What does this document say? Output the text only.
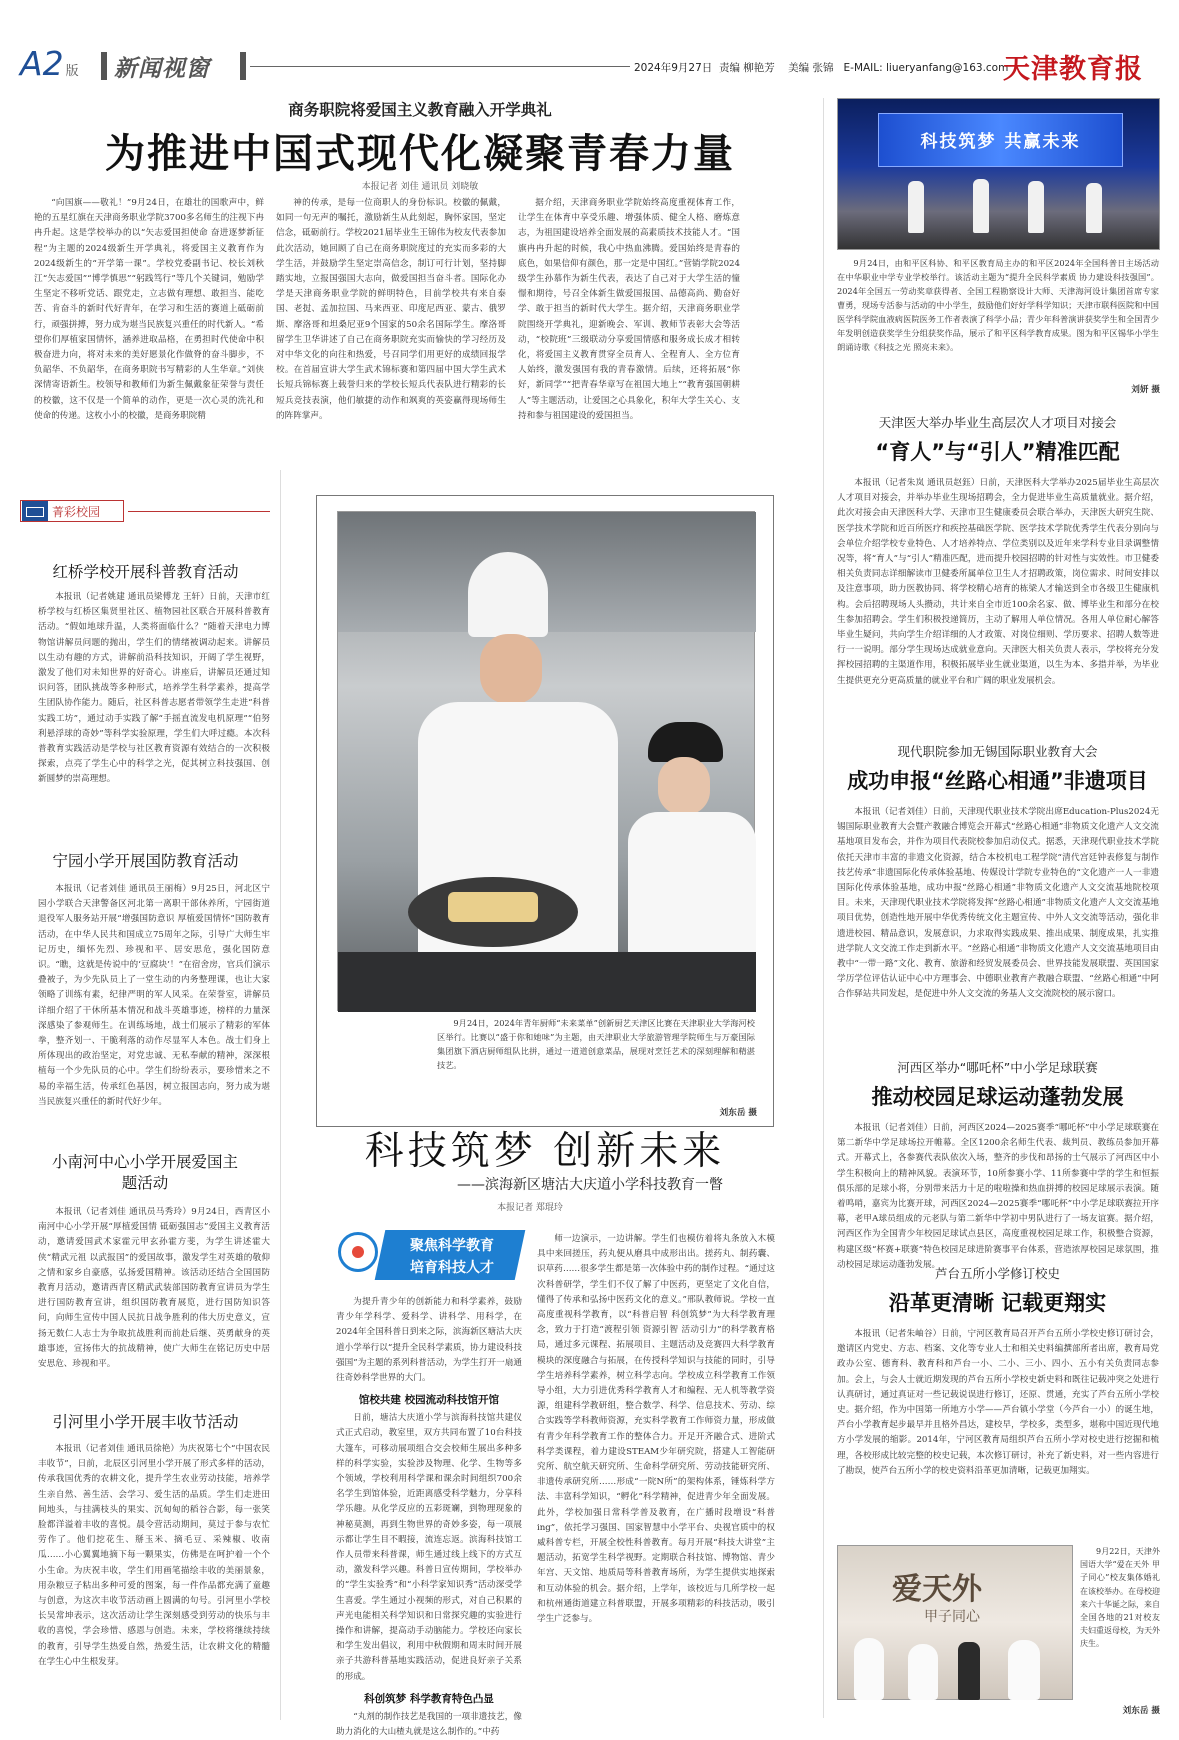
A2 版 新闻视窗	2024年9月27日 责编 柳艳芳 美编 张锦 E-MAIL: liueryanfang@163.com
天津教育报
商务职院将爱国主义教育融入开学典礼
为推进中国式现代化凝聚青春力量
本报记者 刘佳 通讯员 刘晓敏

“向国旗——敬礼！”9月24日，在雄壮的国歌声中，鲜艳的五星红旗在天津商务职业学院3700多名师生的注视下冉冉升起。这是学校举办的以“矢志爱国担使命 奋进逐梦新征程”为主题的2024级新生开学典礼，将爱国主义教育作为2024级新生的“开学第一课”。学校党委副书记、校长刘秋江“矢志爱国”“博学慎思”“躬践笃行”等几个关键词，勉励学生坚定不移听党话、跟党走，立志做有理想、敢担当、能吃苦、肯奋斗的新时代好青年，在学习和生活的赛道上砥砺前行，顽强拼搏，努力成为堪当民族复兴重任的时代新人。“希望你们厚植家国情怀，涵养进取品格，在勇担时代使命中积极奋进力向，将对未来的美好愿景化作做脊的奋斗脚步，不负韶华、不负韶华，在商务职院书写精彩的人生华章。”刘侠深情寄语新生。校领导和教师们为新生佩戴象征荣誉与责任的校徽，这不仅是一个简单的动作，更是一次心灵的洗礼和使命的传递。这枚小小的校徽，是商务职院精

神的传承，是每一位商职人的身份标识。校徽的佩戴，如同一句无声的嘱托，激励新生从此刻起，胸怀家国，坚定信念，砥砺前行。学校2021届毕业生王锦伟为校友代表参加此次活动，她回顾了自己在商务职院度过的充实而多彩的大学生活，并鼓励学生坚定崇高信念，制订可行计划，坚持脚踏实地，立报国强国大志向，做爱国担当奋斗者。国际化办学是天津商务职业学院的鲜明特色，目前学校共有来自泰国、老挝、孟加拉国、马来西亚、印度尼西亚、蒙古、俄罗斯、摩洛哥和坦桑尼亚9个国家的50余名国际学生。摩洛哥留学生卫华讲述了自己在商务职院充实而愉快的学习经历及对中华文化的向往和热爱，号召同学们用更好的成绩回报学校。在首届宣讲大学生武术锦标赛和第四届中国大学生武术长短兵锦标赛上载誉归来的学校长短兵代表队进行精彩的长短兵竞技表演，他们敏捷的动作和飒爽的英姿赢得现场师生的阵阵掌声。

据介绍，天津商务职业学院始终高度重视体育工作，让学生在体育中享受乐趣、增强体质、健全人格、磨炼意志，为祖国建设培养全面发展的高素质技术技能人才。“国旗冉冉升起的时候，我心中热血沸腾。爱国始终是青春的底色，如果信仰有颜色，那一定是中国红。”营销学院2024级学生孙慕作为新生代表，表达了自己对于大学生活的憧憬和期待，号召全体新生做爱国报国、品德高尚、勤奋好学、敢于担当的新时代大学生。据介绍，天津商务职业学院围绕开学典礼，迎新晚会、军训、教师节表彰大会等活动，“校院班”三级联动分享爱国情感和服务成长成才相转化，将爱国主义教育贯穿全员育人、全程育人、全方位育人始终，激发强国有我的青春激情。后续，还将拓展“你好，新同学”“把青春华章写在祖国大地上”“教育强国朝耕人”等主题活动，让爱国之心具象化，积年大学生关心、支持和参与祖国建设的爱国担当。

科技筑梦 共赢未来

9月24日，由和平区科协、和平区教育局主办的和平区2024年全国科普日主场活动在中华职业中学专业学校举行。该活动主题为“提升全民科学素质 协力建设科技强国”。2024年全国五一劳动奖章获得者、全国工程勘察设计大师、天津海河设计集团首席专家曹勇，现场专活参与活动的中小学生，鼓励他们好好学科学知识；天津市联科医院和中国医学科学院血液病医院医务工作者表演了科学小品；青少年科普演讲获奖学生和全国青少年发明创造获奖学生分组获奖作品，展示了和平区科学教育成果。图为和平区锡华小学生朗诵诗歌《科技之光 照亮未来》。

刘妍 摄
天津医大举办毕业生高层次人才项目对接会
“育人”与“引人”精准匹配

本报讯（记者朱岚 通讯员赵鈺）日前，天津医科大学举办2025届毕业生高层次人才项目对接会，并举办毕业生现场招聘会，全力促进毕业生高质量就业。据介绍，此次对接会由天津医科大学、天津市卫生健康委员会联合举办，天津医大研究生院、医学技术学院和近百所医疗和疾控基础医学院、医学技术学院优秀学生代表分别向与会单位介绍学校专业特色、人才培养特点、学位类别以及近年来学科专业目录调整情况等，将“育人”与“引人”精准匹配，进而提升校园招聘的针对性与实效性。市卫健委相关负责同志详细解读市卫健委所属单位卫生人才招聘政策，岗位需求、时间安排以及注意事项，助力医教协同、将学校精心培育的栋梁人才输送到全市各级卫生健康机构。会后招聘现场人头攒动，共计来自全市近100余名家、做、博毕业生和部分在校生参加招聘会。学生们积极投递简历，主动了解用人单位情况。各用人单位耐心解答毕业生疑问，共向学生介绍详细的人才政策、对岗位细则、学历要求、招聘人数等进行一一说明。部分学生现场达成就业意向。天津医大相关负责人表示，学校将充分发挥校园招聘的主渠道作用，积极拓展毕业生就业渠道，以生为本、多措并举，为毕业生提供更充分更高质量的就业平台和广阔的职业发展机会。

现代职院参加无锡国际职业教育大会
成功申报“丝路心相通”非遗项目

本报讯（记者刘佳）日前，天津现代职业技术学院出席Education-Plus2024无锡国际职业教育大会暨产教融合博览会开幕式“丝路心相通”非物质文化遗产人文交流基地项目发布会，并作为项目代表院校参加启动仪式。据悉，天津现代职业技术学院依托天津市丰富的非遗文化资源，结合本校机电工程学院“清代宫廷钟表修复与制作技艺传承”非遗国际化传承体验基地、传媒设计学院专业特色的“文化遗产一人一非遗国际化传承体验基地，成功申报“丝路心相通”非物质文化遗产人文交流基地院校项目。未来，天津现代职业技术学院将发挥“丝路心相通”非物质文化遗产人文交流基地项目优势，创造性地开展中华优秀传统文化主题宣传、中外人文交流等活动，强化非遗进校园、精品意识，发展意识，力求取得实践成果、推出成果、制度成果，扎实推进学院人文交流工作走到新水平。“丝路心相通”非物质文化遗产人文交流基地项目由教中“一带一路”文化、教育、旅游和经贸发展委员会、世界技能发展联盟、英国国家学历学位评估认证中心中方理事会、中德职业教育产教融合联盟、“丝路心相通”中阿合作驿站共同发起，是促进中外人文交流的务基人文交流院校的展示窗口。

河西区举办“哪吒杯”中小学足球联赛
推动校园足球运动蓬勃发展

本报讯（记者刘佳）日前，河西区2024—2025赛季“哪吒杯”中小学足球联赛在第二新华中学足球场拉开帷幕。全区1200余名师生代表、裁判员、教练员参加开幕式。开幕式上，各参赛代表队依次入场，整齐的步伐和昂扬的士气展示了河西区中小学生积极向上的精神风貌。表演环节，10所参赛小学、11所参赛中学的学生和恒振俱乐部的足球小将，分别带来活力十足的啦啦操和热血拼搏的校园足球展示表演。随着鸣哨，嘉宾为比赛开球，河西区2024—2025赛季“哪吒杯”中小学足球联赛拉开序幕，老甲A球员组成的元老队与第二新华中学初中男队进行了一场友谊赛。据介绍，河西区作为全国青少年校园足球试点县区，高度重视校园足球工作，积极整合资源，构建区级“杯赛+联赛”特色校园足球进阶赛事平台体系，营造浓厚校园足球氛围，推动校园足球运动蓬勃发展。

芦台五所小学修订校史
沿革更清晰 记载更翔实

本报讯（记者朱岫谷）日前，宁河区教育局召开芦台五所小学校史修订研讨会，邀请区内党史、方志、档案、文化等专业人士和相关史料编撰部所者出席，教育局党政办公室、德育科、教育科和芦台一小、二小、三小、四小、五小有关负责同志参加。会上，与会人士就近期发现的芦台五所小学校史新史料和既往记载冲突之处进行认真研讨，通过真证对一些记载说误进行修订，还原、贯通，充实了芦台五所小学校史。据介绍，作为中国第一所地方小学——芦台镇小学堂（今芦台一小）的诞生地，芦台小学教育起步最早并且格外昌达，建校早，学校多，类型多，堪称中国近现代地方小学发展的缩影。2014年，宁河区教育局组织芦台五所小学对校史进行挖掘和梳理，各校形成比较完整的校史记载，本次修订研讨，补充了新史料，对一些内容进行了勘误，使芦台五所小学的校史资料沿革更加清晰，记载更加翔实。

爱天外
甲子同心

9月22日，天津外国语大学“爱在天外 甲子同心”校友集体婚礼在该校举办。在母校迎来六十华诞之际，来自全国各地的21对校友夫妇重返母校，为天外庆生。

刘东岳 摄
菁彩校园
红桥学校开展科普教育活动

本报讯（记者姚建 通讯员梁傅龙 王轩）日前，天津市红桥学校与红桥区集贤里社区、植物园社区联合开展科普教育活动。“假如地球升温，人类将面临什么？”随着天津电力博物馆讲解员问题的抛出，学生们的情绪被调动起来。讲解员以生动有趣的方式，讲解前沿科技知识，开阔了学生视野，激发了他们对未知世界的好奇心。讲座后，讲解员还通过知识问答，团队挑战等多种形式，培养学生科学素养，提高学生团队协作能力。随后，社区科普志愿者带领学生走进“科普实践工坊”，通过动手实践了解“手摇直流发电机原理”“伯努利悬浮球的奇妙”等科学实验原理，学生们大呼过瘾。本次科普教育实践活动是学校与社区教育资源有效结合的一次积极探索，点亮了学生心中的科学之光，促其树立科技强国、创新圆梦的崇高理想。

宁园小学开展国防教育活动

本报讯（记者刘佳 通讯员王丽梅）9月25日，河北区宁园小学联合天津警备区河北第一离职干部休养所，宁园街道退役军人服务站开展“增强国防意识 厚植爱国情怀”国防教育活动，在中华人民共和国成立75周年之际，引导广大师生牢记历史，缅怀先烈、珍视和平、居安思危，强化国防意识。“瞧，这就是传说中的‘豆腐块’！”在宿舍房，官兵们演示叠被子，为少先队员上了一堂生动的内务整理课，也让大家领略了训练有素，纪律严明的军人风采。在荣誉室，讲解员详细介绍了干休所基本情况和战斗英雄事迹，榜样的力量深深感染了参观师生。在训练场地，战士们展示了精彩的军体拳，整齐划一、干脆利落的动作尽显军人本色。战士们身上所体现出的政治坚定，对党忠诚、无私奉献的精神，深深根植每一个少先队员的心中。学生们纷纷表示，要珍惜来之不易的幸福生活，传承红色基因，树立报国志向，努力成为堪当民族复兴重任的新时代好少年。

小南河中心小学开展爱国主题活动

本报讯（记者刘佳 通讯员马秀玲）9月24日，西青区小南河中心小学开展“厚植爱国情 砥砺强国志”爱国主义教育活动，邀请爱国武术家霍元甲玄孙霍方斐，为学生讲述霍大侠“精武元祖 以武报国”的爱国故事，激发学生对英雄的敬仰之情和家乡自豪感，弘扬爱国精神。该活动还结合全国国防教育月活动，邀请西青区精武武装部国防教育宣讲员为学生进行国防教育宣讲，组织国防教育展览，进行国防知识答问，向师生宣传中国人民抗日战争胜利的伟大历史意义，宣扬无数仁人志士为争取抗战胜利而前赴后继、英勇献身的英雄事迹，宣扬伟大的抗战精神，使广大师生在铭记历史中居安思危、珍视和平。

引河里小学开展丰收节活动

本报讯（记者刘佳 通讯员徐艳）为庆祝第七个“中国农民丰收节”，日前，北辰区引河里小学开展了形式多样的活动，传承我国优秀的农耕文化，提升学生农业劳动技能，培养学生亲自然、善生活、会学习、爱生活的品质。学生们走进田间地头，与挂满枝头的果实、沉甸甸的稻谷合影，每一张笑脸都洋溢着丰收的喜悦。晨令营活动期间，莫过于参与农忙劳作了。他们挖花生、掰玉米、摘毛豆、采辣椒、收南瓜……小心翼翼地摘下每一颗果实，仿佛是在呵护着一个个小生命。为庆祝丰收，学生们用画笔描绘丰收的美丽景象，用杂粮豆子粘出多种可爱的图案，每一件作品都充满了童趣与创意，为这次丰收节活动画上圆满的句号。引河里小学校长吴常坤表示，这次活动让学生深刻感受到劳动的快乐与丰收的喜悦，学会珍惜、感恩与创造。未来，学校将继续持续的教育，引导学生热爱自然，热爱生活，让农耕文化的精髓在学生心中生根发芽。

9月24日，2024年青年厨师“未来菜单”创新厨艺天津区比赛在天津职业大学海河校区举行。比赛以“盛于你和她味”为主题，由天津职业大学旅游管理学院师生与万豪国际集团旗下酒店厨师组队比拼，通过一道道创意菜品，展现对烹饪艺术的深刻理解和精湛技艺。

刘东岳 摄
科技筑梦 创新未来
——滨海新区塘沽大庆道小学科技教育一瞥
本报记者 郑琨玲
聚焦科学教育
培育科技人才

为提升青少年的创新能力和科学素养，鼓励青少年学科学、爱科学、讲科学、用科学，在2024年全国科普日到来之际，滨海新区塘沽大庆道小学举行以“提升全民科学素质，协力建设科技强国”为主题的系列科普活动，为学生打开一扇通往奇妙科学世界的大门。

馆校共建 校园流动科技馆开馆

日前，塘沽大庆道小学与滨海科技馆共建仪式正式启动，教室里，双方共同布置了10台科技大篷车，可移动展项组合交会校师生展出多种多样的科学实验，实验涉及物理、化学、生物等多个领域，学校利用科学课和课余时间组织700余名学生到馆体验，近距离感受科学魅力，分享科学乐趣。从化学反应的五彩斑斓，到物理现象的神秘莫测，再到生物世界的奇妙多姿，每一项展示都让学生目不暇接，流连忘返。滨海科技馆工作人员带来科普课，师生通过线上线下的方式互动，激发科学兴趣。科普日宣传期间，学校举办的“学生实验秀”和“小科学家知识秀”活动深受学生喜爱。学生通过小视频的形式，对自己积累的声光电能相关科学知识和日常探究趣的实验进行操作和讲解，提高动手动脑能力。学校还向家长和学生发出倡议，利用中秋假期和周末时间开展亲子共游科普基地实践活动，促进良好亲子关系的形成。

科创筑梦 科学教育特色凸显

“丸剂的制作技艺是我国的一项非遗技艺，像助力消化的大山楂丸就是这么制作的。”中药

师一边演示，一边讲解。学生们也模仿着将丸条放入木模具中来回搓压，药丸便从磨具中成形出出。搓药丸、制药囊、识草药……很多学生都是第一次体验中药的制作过程。“通过这次科普研学，学生们不仅了解了中医药，更坚定了文化自信，懂得了传承和弘扬中医药文化的意义。”邢队教师说。学校一直高度重视科学教育，以“科普启智 科创筑梦”为大科学教育理念，致力于打造“渡程引领 资源引智 活动引力”的科学教育格局，通过多元课程、拓展项目、主题活动及竞赛四大科学教育模块的深度融合与拓展，在传授科学知识与技能的同时，引导学生培养科学素养，树立科学志向。学校成立科学教育工作领导小组，大力引进优秀科学教育人才和编程、无人机等教学资源，组建科学教研组，整合数学、科学、信息技术、劳动、综合实践等学科教师资源，充实科学教育工作师资力量，形成做有青少年科学教育工作的整体合力。开足开齐融合式、进阶式科学类课程，着力建设STEAM少年研究院，搭建人工智能研究所、航空航天研究所、生命科学研究所、劳动技能研究所、非遗传承研究所……形成“一院N所”的架构体系，锤炼科学方法、丰富科学知识，“孵化”科学精神，促进青少年全面发展。此外，学校加强日常科学普及教育，在广播时段增设“科普ing”，依托学习强国、国家智慧中小学平台、央视官质中的权威科普专栏，开展全校性科普教育。每月开展“科技大讲堂”主题活动，拓宽学生科学视野。定期联合科技馆、博物馆、青少年宫、天文馆、地质局等科普教育场所，为学生提供实地探索和互动体验的机会。据介绍，上学年，该校近与几所学校一起和杭州通街道建立科普联盟，开展多项精彩的科技活动，吸引学生广泛参与。
